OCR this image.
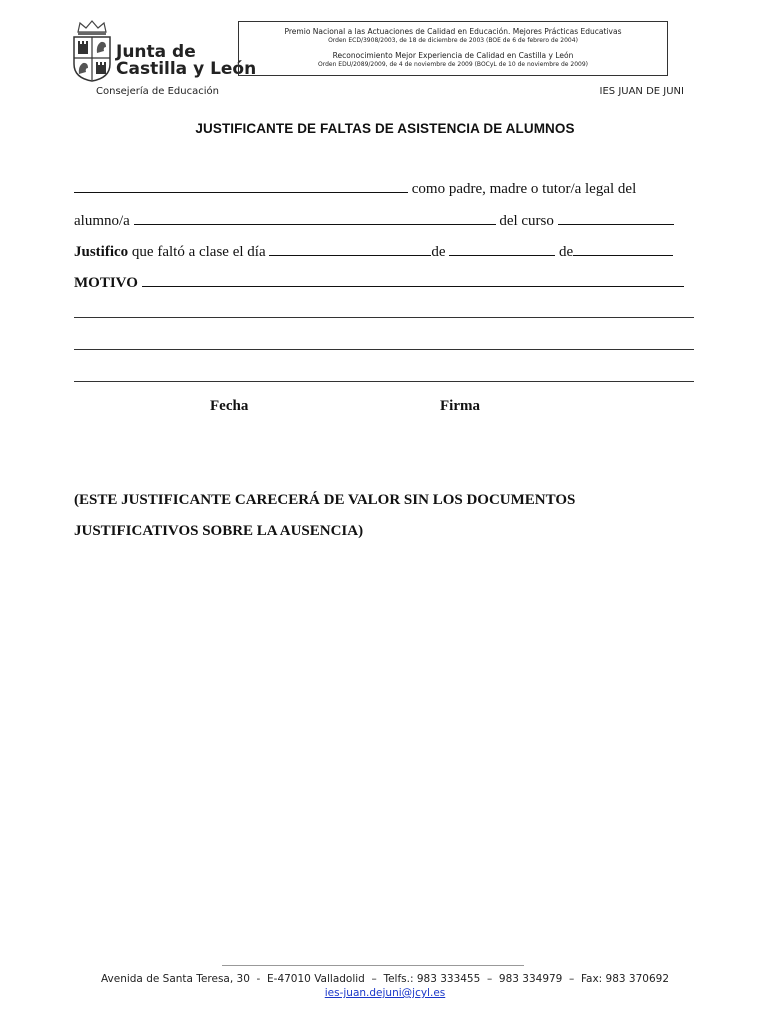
Junta de
Castilla y León
Premio Nacional a las Actuaciones de Calidad en Educación. Mejores Prácticas Educativas
Orden ECD/3908/2003, de 18 de diciembre de 2003 (BOE de 6 de febrero de 2004)
Reconocimiento Mejor Experiencia de Calidad en Castilla y León
Orden EDU/2089/2009, de 4 de noviembre de 2009 (BOCyL de 10 de noviembre de 2009)
Consejería de Educación	IES JUAN DE JUNI
JUSTIFICANTE DE FALTAS DE ASISTENCIA DE ALUMNOS
como padre, madre o tutor/a legal del
alumno/a	del curso
Justifico que faltó a clase el día	de	de
MOTIVO
Fecha	Firma
(ESTE JUSTIFICANTE CARECERÁ DE VALOR SIN LOS DOCUMENTOS
JUSTIFICATIVOS SOBRE LA AUSENCIA)
Avenida de Santa Teresa, 30  -  E-47010 Valladolid  –  Telfs.: 983 333455  –  983 334979  –  Fax: 983 370692
ies-juan.dejuni@jcyl.es
